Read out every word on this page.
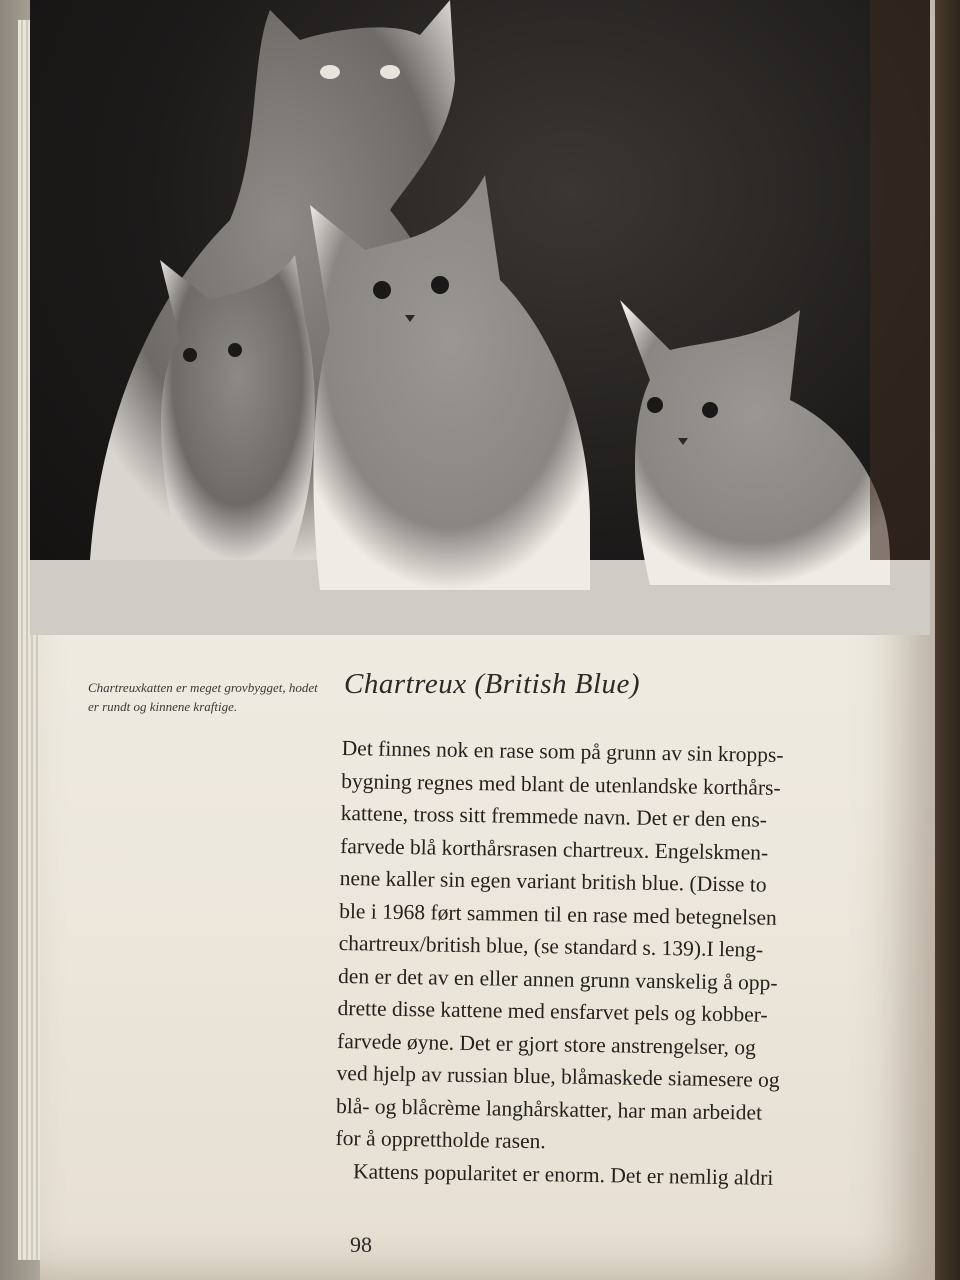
Chartreuxkatten er meget grovbygget, hodet er rundt og kinnene kraftige.
Chartreux (British Blue)
Det finnes nok en rase som på grunn av sin kropps-
bygning regnes med blant de utenlandske korthårs-
kattene, tross sitt fremmede navn. Det er den ens-
farvede blå korthårsrasen chartreux. Engelskmen-
nene kaller sin egen variant british blue. (Disse to
ble i 1968 ført sammen til en rase med betegnelsen
chartreux/british blue, (se standard s. 139).I leng-
den er det av en eller annen grunn vanskelig å opp-
drette disse kattene med ensfarvet pels og kobber-
farvede øyne. Det er gjort store anstrengelser, og
ved hjelp av russian blue, blåmaskede siamesere og
blå- og blåcrème langhårskatter, har man arbeidet
for å opprettholde rasen.
Kattens popularitet er enorm. Det er nemlig aldri
98
